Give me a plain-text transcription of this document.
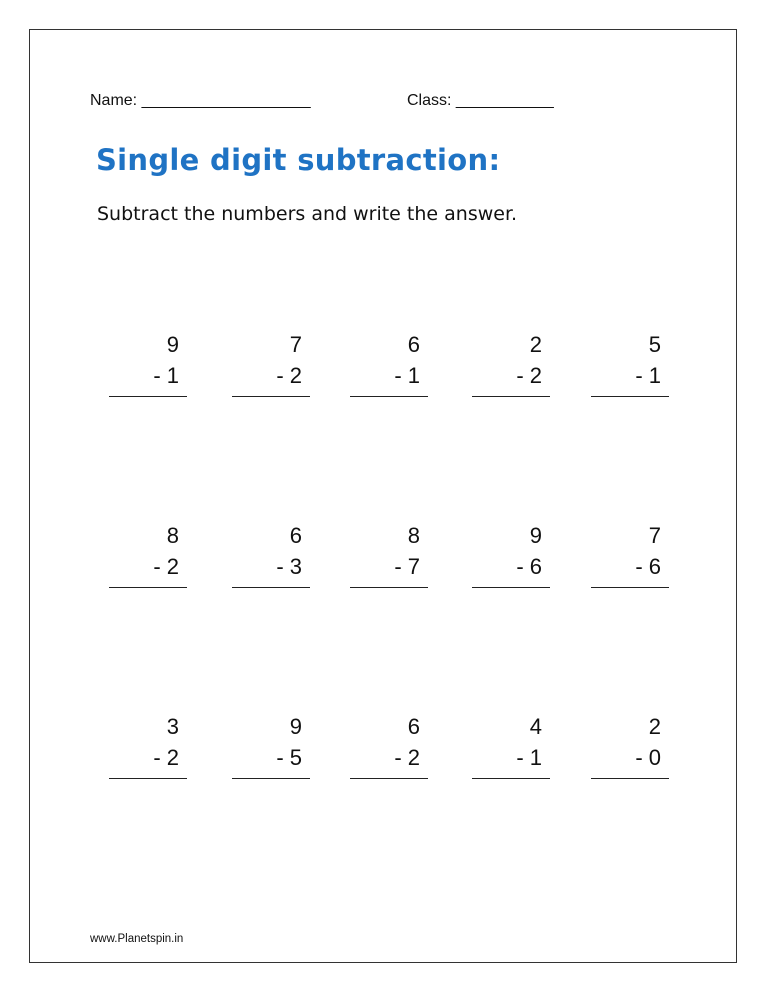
Name: ___________________	Class: ___________
Single digit subtraction:

Subtract the numbers and write the answer.

9
- 1
7
- 2
6
- 1
2
- 2
5
- 1
8
- 2
6
- 3
8
- 7
9
- 6
7
- 6
3
- 2
9
- 5
6
- 2
4
- 1
2
- 0
www.Planetspin.in
